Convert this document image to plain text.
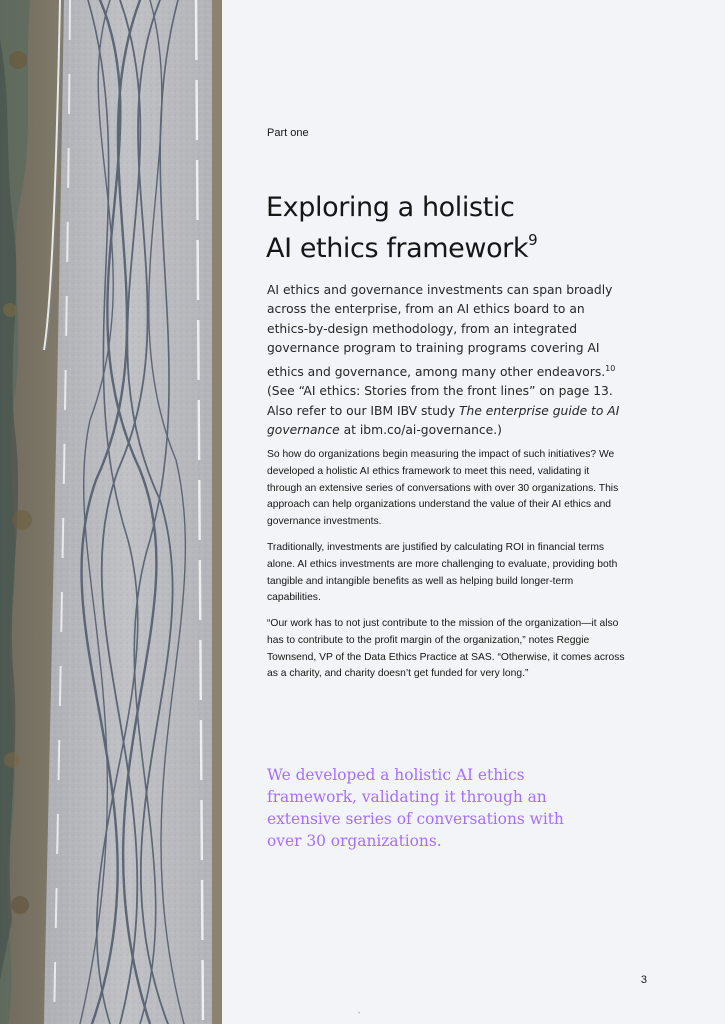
Part one
Exploring a holistic
AI ethics framework$^9$

AI ethics and governance investments can span broadly across the enterprise, from an AI ethics board to an ethics-by-design methodology, from an integrated governance program to training programs covering AI ethics and governance, among many other endeavors.$^{10}$ (See “AI ethics: Stories from the front lines” on page 13. Also refer to our IBM IBV study The enterprise guide to AI governance at ibm.co/ai-governance.)

So how do organizations begin measuring the impact of such initiatives? We developed a holistic AI ethics framework to meet this need, validating it through an extensive series of conversations with over 30 organizations. This approach can help organizations understand the value of their AI ethics and governance investments.

Traditionally, investments are justified by calculating ROI in financial terms alone. AI ethics investments are more challenging to evaluate, providing both tangible and intangible benefits as well as helping build longer-term capabilities.

“Our work has to not just contribute to the mission of the organization—it also has to contribute to the profit margin of the organization,” notes Reggie Townsend, VP of the Data Ethics Practice at SAS. “Otherwise, it comes across as a charity, and charity doesn’t get funded for very long.”

We developed a holistic AI ethics framework, validating it through an extensive series of conversations with over 30 organizations.

3
•
